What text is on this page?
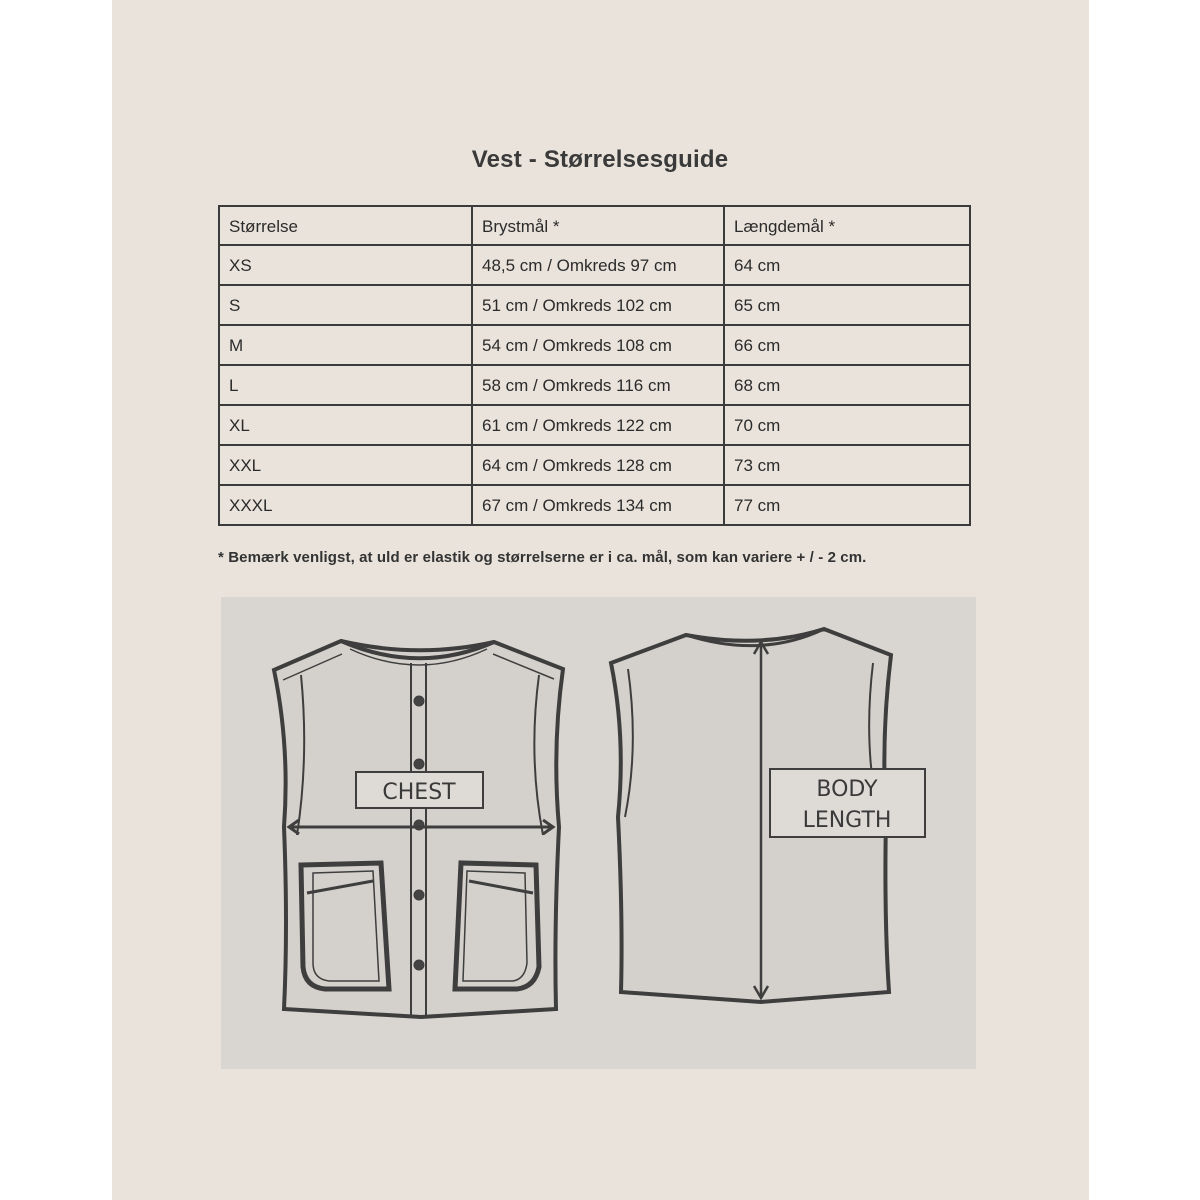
Vest - Størrelsesguide
Størrelse	Brystmål *	Længdemål *
XS	48,5 cm / Omkreds 97 cm	64 cm
S	51 cm / Omkreds 102 cm	65 cm
M	54 cm / Omkreds 108 cm	66 cm
L	58 cm / Omkreds 116 cm	68 cm
XL	61 cm / Omkreds 122 cm	70 cm
XXL	64 cm / Omkreds 128 cm	73 cm
XXXL	67 cm / Omkreds 134 cm	77 cm
* Bemærk venligst, at uld er elastik og størrelserne er i ca. mål, som kan variere + / - 2 cm.
CHEST	BODY
LENGTH
